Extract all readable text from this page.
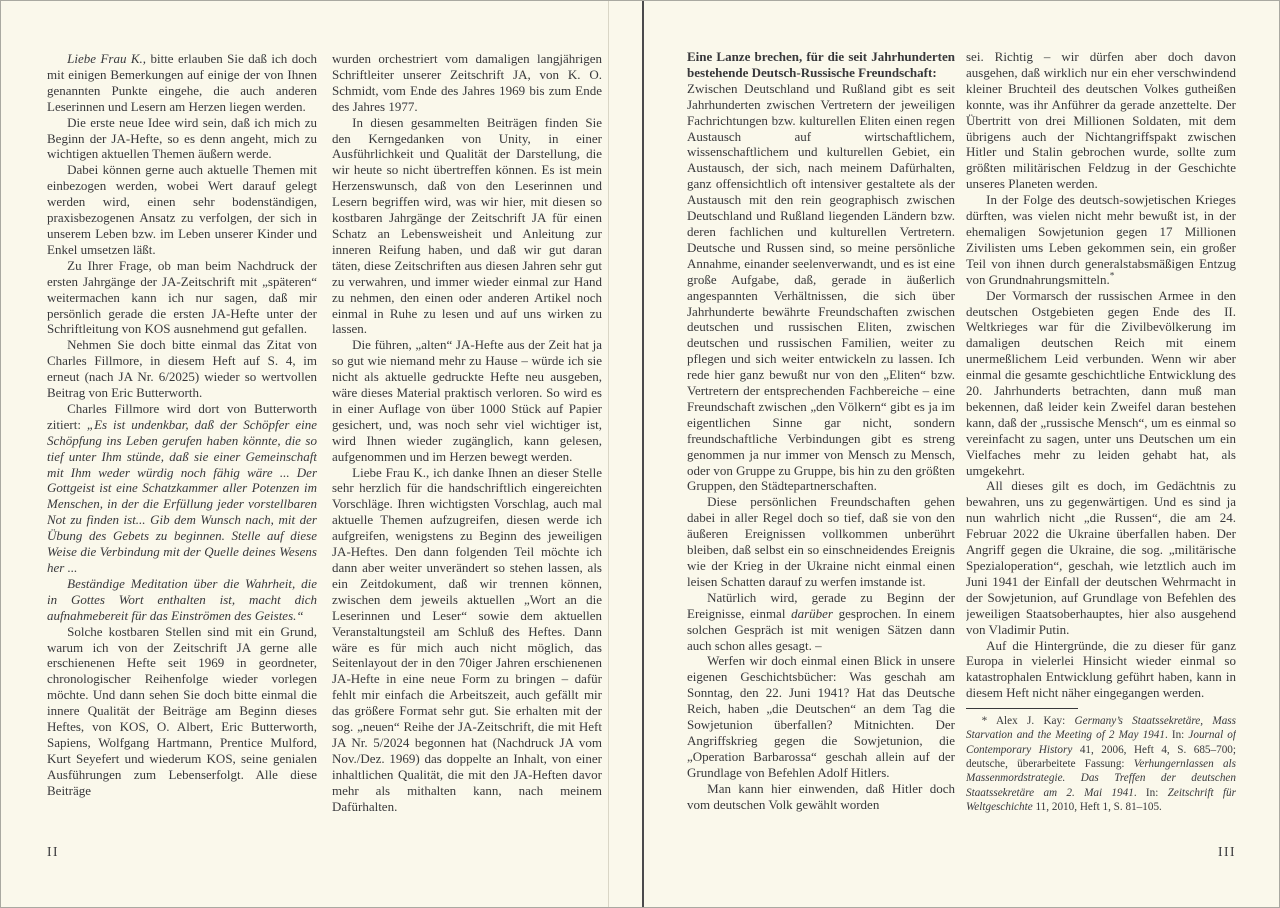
Liebe Frau K., bitte erlauben Sie daß ich doch mit einigen Bemerkungen auf einige der von Ihnen genannten Punkte eingehe, die auch anderen Leserinnen und Lesern am Herzen liegen werden.

Die erste neue Idee wird sein, daß ich mich zu Beginn der JA-Hefte, so es denn angeht, mich zu wichtigen aktuellen Themen äußern werde.

Dabei können gerne auch aktuelle Themen mit einbezogen werden, wobei Wert darauf gelegt werden wird, einen sehr bodenständigen, praxisbezogenen Ansatz zu verfolgen, der sich in unserem Leben bzw. im Leben unserer Kinder und Enkel umsetzen läßt.

Zu Ihrer Frage, ob man beim Nachdruck der ersten Jahrgänge der JA-Zeitschrift mit „späteren“ weitermachen kann ich nur sagen, daß mir persönlich gerade die ersten JA-Hefte unter der Schriftleitung von KOS ausnehmend gut gefallen.

Nehmen Sie doch bitte einmal das Zitat von Charles Fillmore, in diesem Heft auf S. 4, im erneut (nach JA Nr. 6/2025) wieder so wertvollen Beitrag von Eric Butterworth.

Charles Fillmore wird dort von Butterworth zitiert: „Es ist undenkbar, daß der Schöpfer eine Schöpfung ins Leben gerufen haben könnte, die so tief unter Ihm stünde, daß sie einer Gemeinschaft mit Ihm weder würdig noch fähig wäre ... Der Gottgeist ist eine Schatzkammer aller Potenzen im Menschen, in der die Erfüllung jeder vorstellbaren Not zu finden ist... Gib dem Wunsch nach, mit der Übung des Gebets zu beginnen. Stelle auf diese Weise die Verbindung mit der Quelle deines Wesens her ...

Beständige Meditation über die Wahrheit, die in Gottes Wort enthalten ist, macht dich aufnahmebereit für das Einströmen des Geistes.“

Solche kostbaren Stellen sind mit ein Grund, warum ich von der Zeitschrift JA gerne alle erschienenen Hefte seit 1969 in geordneter, chronologischer Reihenfolge wieder vorlegen möchte. Und dann sehen Sie doch bitte einmal die innere Qualität der Beiträge am Beginn dieses Heftes, von KOS, O. Albert, Eric Butterworth, Sapiens, Wolfgang Hartmann, Prentice Mulford, Kurt Seyefert und wiederum KOS, seine genialen Ausführungen zum Lebenserfolgt. Alle diese Beiträge

wurden orchestriert vom damaligen langjährigen Schriftleiter unserer Zeitschrift JA, von K. O. Schmidt, vom Ende des Jahres 1969 bis zum Ende des Jahres 1977.

In diesen gesammelten Beiträgen finden Sie den Kerngedanken von Unity, in einer Ausführlichkeit und Qualität der Darstellung, die wir heute so nicht übertreffen können. Es ist mein Herzenswunsch, daß von den Leserinnen und Lesern begriffen wird, was wir hier, mit diesen so kostbaren Jahrgänge der Zeitschrift JA für einen Schatz an Lebensweisheit und Anleitung zur inneren Reifung haben, und daß wir gut daran täten, diese Zeitschriften aus diesen Jahren sehr gut zu verwahren, und immer wieder einmal zur Hand zu nehmen, den einen oder anderen Artikel noch einmal in Ruhe zu lesen und auf uns wirken zu lassen.

Die führen, „alten“ JA-Hefte aus der Zeit hat ja so gut wie niemand mehr zu Hause – würde ich sie nicht als aktuelle gedruckte Hefte neu ausgeben, wäre dieses Material praktisch verloren. So wird es in einer Auflage von über 1000 Stück auf Papier gesichert, und, was noch sehr viel wichtiger ist, wird Ihnen wieder zugänglich, kann gelesen, aufgenommen und im Herzen bewegt werden.

Liebe Frau K., ich danke Ihnen an dieser Stelle sehr herzlich für die handschriftlich eingereichten Vorschläge. Ihren wichtigsten Vorschlag, auch mal aktuelle Themen aufzugreifen, diesen werde ich aufgreifen, wenigstens zu Beginn des jeweiligen JA-Heftes. Den dann folgenden Teil möchte ich dann aber weiter unverändert so stehen lassen, als ein Zeitdokument, daß wir trennen können, zwischen dem jeweils aktuellen „Wort an die Leserinnen und Leser“ sowie dem aktuellen Veranstaltungsteil am Schluß des Heftes. Dann wäre es für mich auch nicht möglich, das Seitenlayout der in den 70iger Jahren erschienenen JA-Hefte in eine neue Form zu bringen – dafür fehlt mir einfach die Arbeitszeit, auch gefällt mir das größere Format sehr gut. Sie erhalten mit der sog. „neuen“ Reihe der JA-Zeitschrift, die mit Heft JA Nr. 5/2024 begonnen hat (Nachdruck JA vom Nov./Dez. 1969) das doppelte an Inhalt, von einer inhaltlichen Qualität, die mit den JA-Heften davor mehr als mithalten kann, nach meinem Dafürhalten.

II

Eine Lanze brechen, für die seit Jahrhunderten bestehende Deutsch-Russische Freundschaft:

Zwischen Deutschland und Rußland gibt es seit Jahrhunderten zwischen Vertretern der jeweiligen Fachrichtungen bzw. kulturellen Eliten einen regen Austausch auf wirtschaftlichem, wissenschaftlichem und kulturellen Gebiet, ein Austausch, der sich, nach meinem Dafürhalten, ganz offensichtlich oft intensiver gestaltete als der Austausch mit den rein geographisch zwischen Deutschland und Rußland liegenden Ländern bzw. deren fachlichen und kulturellen Vertretern. Deutsche und Russen sind, so meine persönliche Annahme, einander seelenverwandt, und es ist eine große Aufgabe, daß, gerade in äußerlich angespannten Verhältnissen, die sich über Jahrhunderte bewährte Freundschaften zwischen deutschen und russischen Eliten, zwischen deutschen und russischen Familien, weiter zu pflegen und sich weiter entwickeln zu lassen. Ich rede hier ganz bewußt nur von den „Eliten“ bzw. Vertretern der entsprechenden Fachbereiche – eine Freundschaft zwischen „den Völkern“ gibt es ja im eigentlichen Sinne gar nicht, sondern freundschaftliche Verbindungen gibt es streng genommen ja nur immer von Mensch zu Mensch, oder von Gruppe zu Gruppe, bis hin zu den größten Gruppen, den Städtepartnerschaften.

Diese persönlichen Freundschaften gehen dabei in aller Regel doch so tief, daß sie von den äußeren Ereignissen vollkommen unberührt bleiben, daß selbst ein so einschneidendes Ereignis wie der Krieg in der Ukraine nicht einmal einen leisen Schatten darauf zu werfen imstande ist.

Natürlich wird, gerade zu Beginn der Ereignisse, einmal darüber gesprochen. In einem solchen Gespräch ist mit wenigen Sätzen dann auch schon alles gesagt. –

Werfen wir doch einmal einen Blick in unsere eigenen Geschichtsbücher: Was geschah am Sonntag, den 22. Juni 1941? Hat das Deutsche Reich, haben „die Deutschen“ an dem Tag die Sowjetunion überfallen? Mitnichten. Der Angriffskrieg gegen die Sowjetunion, die „Operation Barbarossa“ geschah allein auf der Grundlage von Befehlen Adolf Hitlers.

Man kann hier einwenden, daß Hitler doch vom deutschen Volk gewählt worden

sei. Richtig – wir dürfen aber doch davon ausgehen, daß wirklich nur ein eher verschwindend kleiner Bruchteil des deutschen Volkes gutheißen konnte, was ihr Anführer da gerade anzettelte. Der Übertritt von drei Millionen Soldaten, mit dem übrigens auch der Nichtangriffspakt zwischen Hitler und Stalin gebrochen wurde, sollte zum größten militärischen Feldzug in der Geschichte unseres Planeten werden.

In der Folge des deutsch-sowjetischen Krieges dürften, was vielen nicht mehr bewußt ist, in der ehemaligen Sowjetunion gegen 17 Millionen Zivilisten ums Leben gekommen sein, ein großer Teil von ihnen durch generalstabsmäßigen Entzug von Grundnahrungsmitteln.*

Der Vormarsch der russischen Armee in den deutschen Ostgebieten gegen Ende des II. Weltkrieges war für die Zivilbevölkerung im damaligen deutschen Reich mit einem unermeßlichem Leid verbunden. Wenn wir aber einmal die gesamte geschichtliche Entwicklung des 20. Jahrhunderts betrachten, dann muß man bekennen, daß leider kein Zweifel daran bestehen kann, daß der „russische Mensch“, um es einmal so vereinfacht zu sagen, unter uns Deutschen um ein Vielfaches mehr zu leiden gehabt hat, als umgekehrt.

All dieses gilt es doch, im Gedächtnis zu bewahren, uns zu gegenwärtigen. Und es sind ja nun wahrlich nicht „die Russen“, die am 24. Februar 2022 die Ukraine überfallen haben. Der Angriff gegen die Ukraine, die sog. „militärische Spezialoperation“, geschah, wie letztlich auch im Juni 1941 der Einfall der deutschen Wehrmacht in der Sowjetunion, auf Grundlage von Befehlen des jeweiligen Staatsoberhauptes, hier also ausgehend von Vladimir Putin.

Auf die Hintergründe, die zu dieser für ganz Europa in vielerlei Hinsicht wieder einmal so katastrophalen Entwicklung geführt haben, kann in diesem Heft nicht näher eingegangen werden.

* Alex J. Kay: Germany’s Staatssekretäre, Mass Starvation and the Meeting of 2 May 1941. In: Journal of Contemporary History 41, 2006, Heft 4, S. 685–700; deutsche, überarbeitete Fassung: Verhungernlassen als Massenmordstrategie. Das Treffen der deutschen Staatssekretäre am 2. Mai 1941. In: Zeitschrift für Weltgeschichte 11, 2010, Heft 1, S. 81–105.

III
